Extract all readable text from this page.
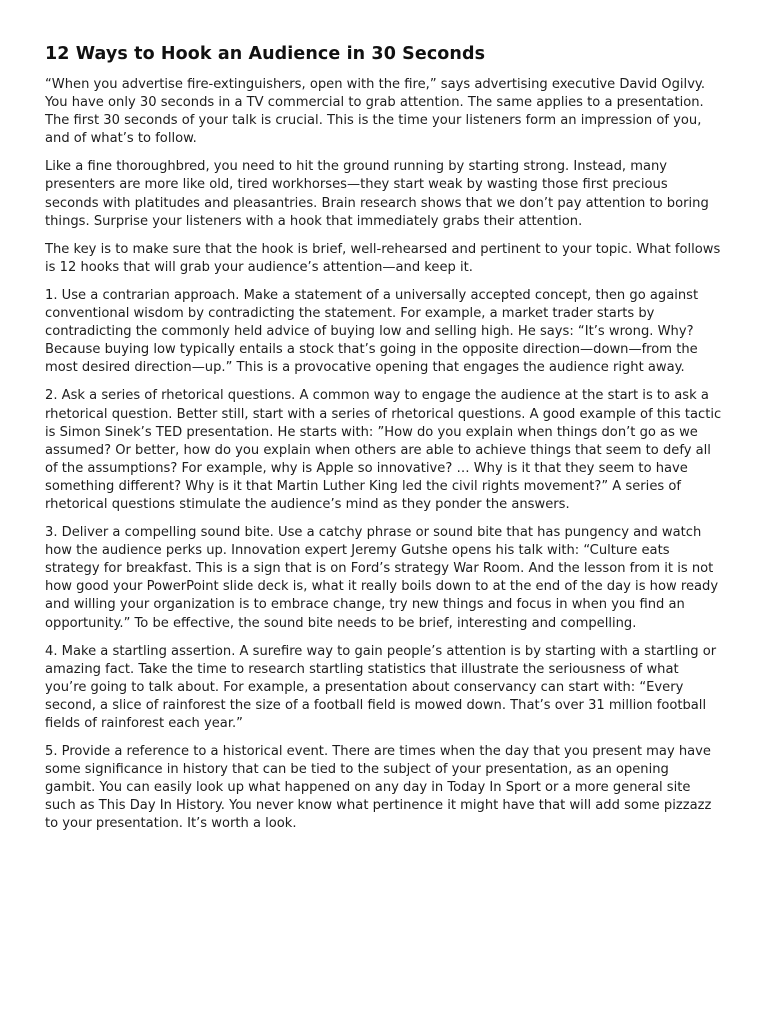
12 Ways to Hook an Audience in 30 Seconds

“When you advertise fire-extinguishers, open with the fire,” says advertising executive David Ogilvy. You have only 30 seconds in a TV commercial to grab attention. The same applies to a presentation. The first 30 seconds of your talk is crucial. This is the time your listeners form an impression of you, and of what’s to follow.

Like a fine thoroughbred, you need to hit the ground running by starting strong. Instead, many presenters are more like old, tired workhorses—they start weak by wasting those first precious seconds with platitudes and pleasantries. Brain research shows that we don’t pay attention to boring things. Surprise your listeners with a hook that immediately grabs their attention.

The key is to make sure that the hook is brief, well-rehearsed and pertinent to your topic. What follows is 12 hooks that will grab your audience’s attention—and keep it.

1. Use a contrarian approach. Make a statement of a universally accepted concept, then go against conventional wisdom by contradicting the statement. For example, a market trader starts by contradicting the commonly held advice of buying low and selling high. He says: “It’s wrong. Why? Because buying low typically entails a stock that’s going in the opposite direction—down—from the most desired direction—up.” This is a provocative opening that engages the audience right away.

2. Ask a series of rhetorical questions. A common way to engage the audience at the start is to ask a rhetorical question. Better still, start with a series of rhetorical questions. A good example of this tactic is Simon Sinek’s TED presentation. He starts with: ”How do you explain when things don’t go as we assumed? Or better, how do you explain when others are able to achieve things that seem to defy all of the assumptions? For example, why is Apple so innovative? … Why is it that they seem to have something different? Why is it that Martin Luther King led the civil rights movement?” A series of rhetorical questions stimulate the audience’s mind as they ponder the answers.

3. Deliver a compelling sound bite. Use a catchy phrase or sound bite that has pungency and watch how the audience perks up. Innovation expert Jeremy Gutshe opens his talk with: “Culture eats strategy for breakfast. This is a sign that is on Ford’s strategy War Room. And the lesson from it is not how good your PowerPoint slide deck is, what it really boils down to at the end of the day is how ready and willing your organization is to embrace change, try new things and focus in when you find an opportunity.” To be effective, the sound bite needs to be brief, interesting and compelling.

4. Make a startling assertion. A surefire way to gain people’s attention is by starting with a startling or amazing fact. Take the time to research startling statistics that illustrate the seriousness of what you’re going to talk about. For example, a presentation about conservancy can start with: “Every second, a slice of rainforest the size of a football field is mowed down. That’s over 31 million football fields of rainforest each year.”

5. Provide a reference to a historical event. There are times when the day that you present may have some significance in history that can be tied to the subject of your presentation, as an opening gambit. You can easily look up what happened on any day in Today In Sport or a more general site such as This Day In History. You never know what pertinence it might have that will add some pizzazz to your presentation. It’s worth a look.
